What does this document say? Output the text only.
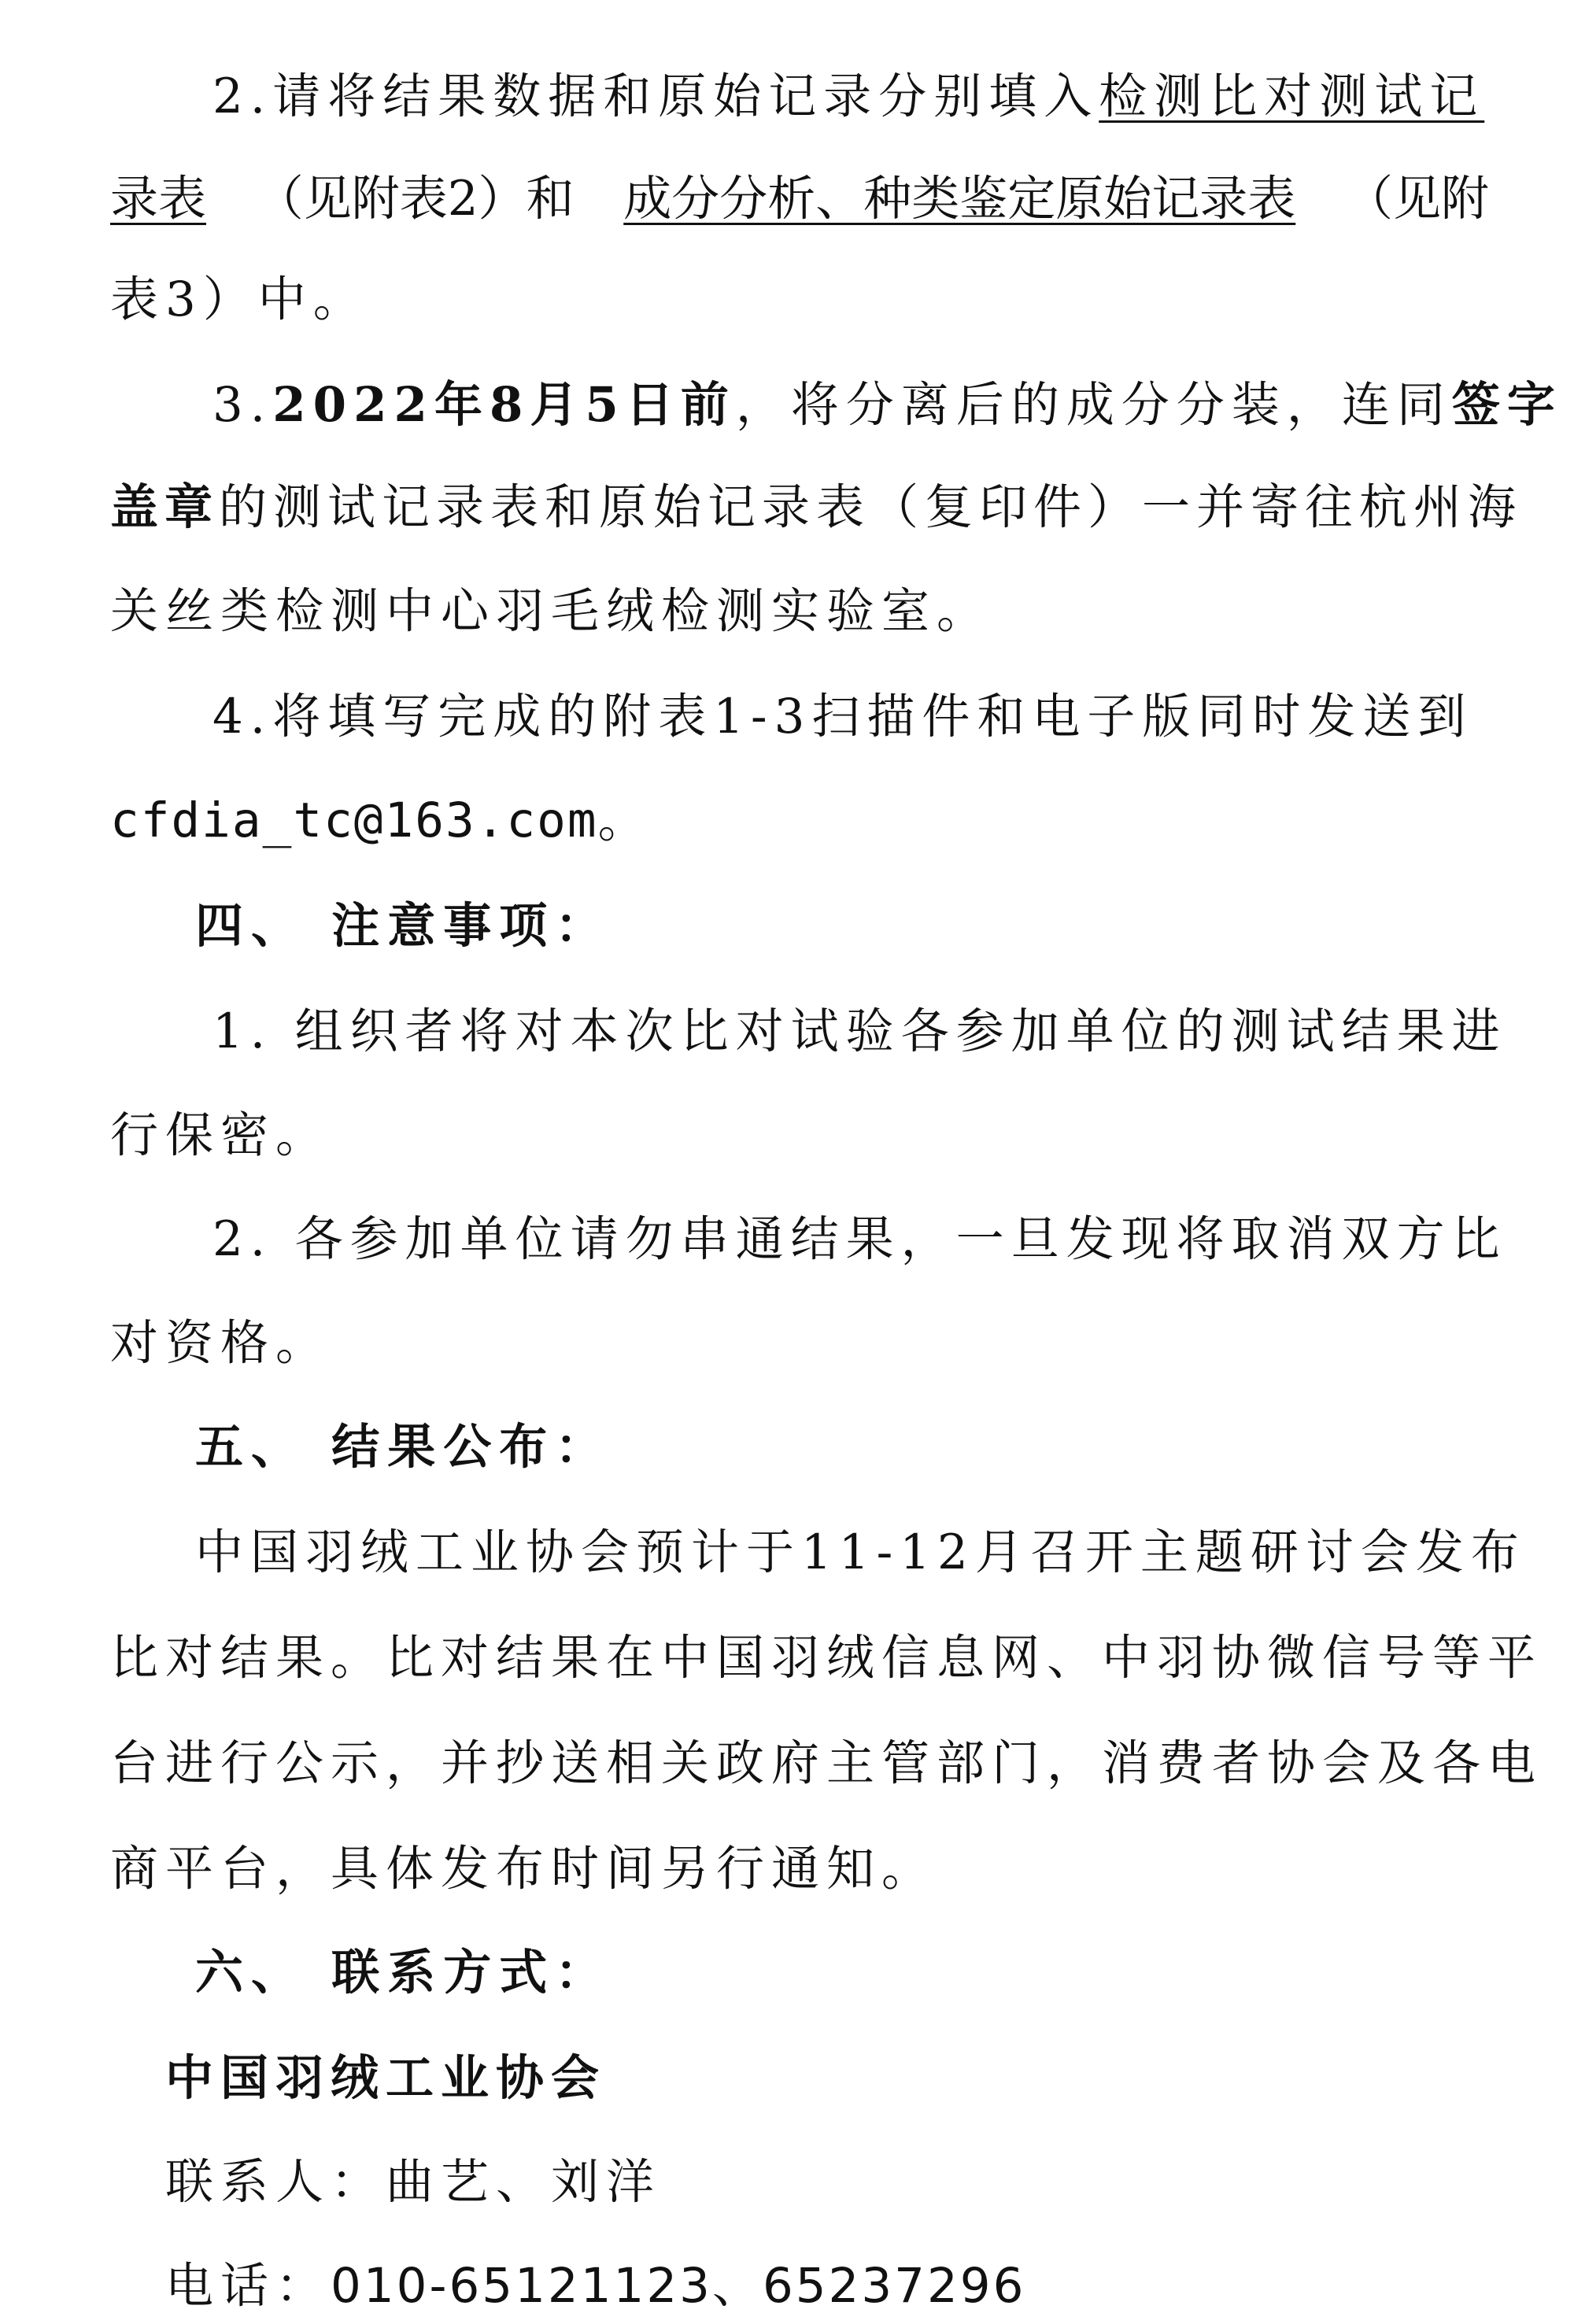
2.请将结果数据和原始记录分别填入检测比对测试记
录表 （见附表2）和 成分分析、种类鉴定原始记录表 （见附
表3）中。
3.2022年8月5日前，将分离后的成分分装，连同签字
盖章的测试记录表和原始记录表（复印件）一并寄往杭州海
关丝类检测中心羽毛绒检测实验室。
4.将填写完成的附表1-3扫描件和电子版同时发送到
cfdia_tc@163.com。
四、 注意事项：
1. 组织者将对本次比对试验各参加单位的测试结果进
行保密。
2. 各参加单位请勿串通结果，一旦发现将取消双方比
对资格。
五、 结果公布：
中国羽绒工业协会预计于11-12月召开主题研讨会发布
比对结果。比对结果在中国羽绒信息网、中羽协微信号等平
台进行公示，并抄送相关政府主管部门，消费者协会及各电
商平台，具体发布时间另行通知。
六、 联系方式：
中国羽绒工业协会
联系人：曲艺、刘洋
电话：010-65121123、65237296
